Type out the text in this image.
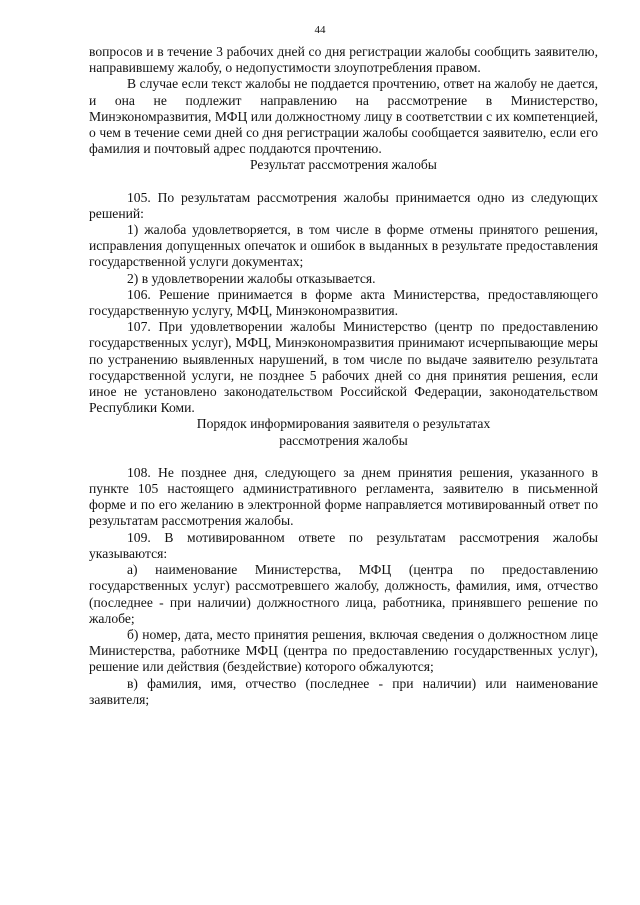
44

вопросов и в течение 3 рабочих дней со дня регистрации жалобы сообщить заявителю, направившему жалобу, о недопустимости злоупотребления правом.

В случае если текст жалобы не поддается прочтению, ответ на жалобу не дается, и она не подлежит направлению на рассмотрение в Министерство, Минэкономразвития, МФЦ или должностному лицу в соответствии с их компетенцией, о чем в течение семи дней со дня регистрации жалобы сообщается заявителю, если его фамилия и почтовый адрес поддаются прочтению.

Результат рассмотрения жалобы

105. По результатам рассмотрения жалобы принимается одно из следующих решений:

1) жалоба удовлетворяется, в том числе в форме отмены принятого решения, исправления допущенных опечаток и ошибок в выданных в результате предоставления государственной услуги документах;

2) в удовлетворении жалобы отказывается.

106. Решение принимается в форме акта Министерства, предоставляющего государственную услугу, МФЦ, Минэкономразвития.

107. При удовлетворении жалобы Министерство (центр по предоставлению государственных услуг), МФЦ, Минэкономразвития принимают исчерпывающие меры по устранению выявленных нарушений, в том числе по выдаче заявителю результата государственной услуги, не позднее 5 рабочих дней со дня принятия решения, если иное не установлено законодательством Российской Федерации, законодательством Республики Коми.

Порядок информирования заявителя о результатах
рассмотрения жалобы

108. Не позднее дня, следующего за днем принятия решения, указанного в пункте 105 настоящего административного регламента, заявителю в письменной форме и по его желанию в электронной форме направляется мотивированный ответ по результатам рассмотрения жалобы.

109. В мотивированном ответе по результатам рассмотрения жалобы указываются:

а) наименование Министерства, МФЦ (центра по предоставлению государственных услуг) рассмотревшего жалобу, должность, фамилия, имя, отчество (последнее - при наличии) должностного лица, работника, принявшего решение по жалобе;

б) номер, дата, место принятия решения, включая сведения о должностном лице Министерства, работнике МФЦ (центра по предоставлению государственных услуг), решение или действия (бездействие) которого обжалуются;

в) фамилия, имя, отчество (последнее - при наличии) или наименование заявителя;
